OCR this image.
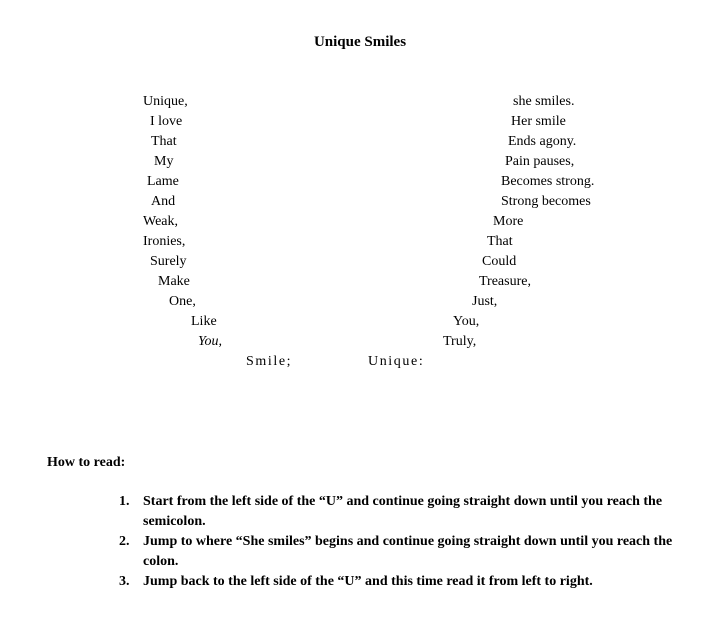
Unique Smiles
Unique,
I love
That
My
Lame
And
Weak,
Ironies,
Surely
Make
One,
Like
You,
she smiles.
Her smile
Ends agony.
Pain pauses,
Becomes strong.
Strong becomes
More
That
Could
Treasure,
Just,
You,
Truly,
Smile;	Unique:
How to read:
1. Start from the left side of the “U” and continue going straight down until you reach the semicolon.
2. Jump to where “She smiles” begins and continue going straight down until you reach the colon.
3. Jump back to the left side of the “U” and this time read it from left to right.
